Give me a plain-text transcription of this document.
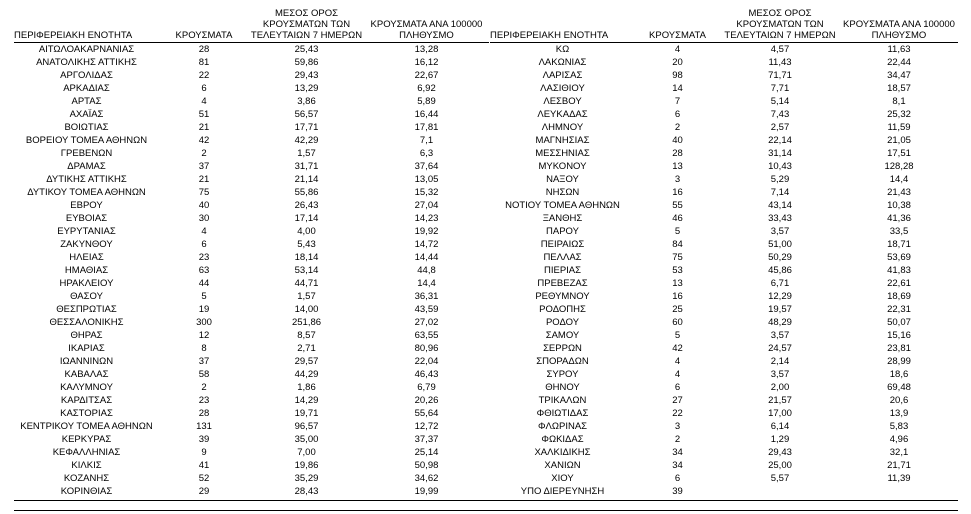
ΠΕΡΙΦΕΡΕΙΑΚΗ ΕΝΟΤΗΤΑ	ΚΡΟΥΣΜΑΤΑ	ΜΕΣΟΣ ΟΡΟΣ
ΚΡΟΥΣΜΑΤΩΝ ΤΩΝ
ΤΕΛΕΥΤΑΙΩΝ 7 ΗΜΕΡΩΝ	ΚΡΟΥΣΜΑΤΑ ΑΝΑ 100000
ΠΛΗΘΥΣΜΟ
ΑΙΤΩΛΟΑΚΑΡΝΑΝΙΑΣ	28	25,43	13,28
ΑΝΑΤΟΛΙΚΗΣ ΑΤΤΙΚΗΣ	81	59,86	16,12
ΑΡΓΟΛΙΔΑΣ	22	29,43	22,67
ΑΡΚΑΔΙΑΣ	6	13,29	6,92
ΑΡΤΑΣ	4	3,86	5,89
ΑΧΑΪΑΣ	51	56,57	16,44
ΒΟΙΩΤΙΑΣ	21	17,71	17,81
ΒΟΡΕΙΟΥ ΤΟΜΕΑ ΑΘΗΝΩΝ	42	42,29	7,1
ΓΡΕΒΕΝΩΝ	2	1,57	6,3
ΔΡΑΜΑΣ	37	31,71	37,64
ΔΥΤΙΚΗΣ ΑΤΤΙΚΗΣ	21	21,14	13,05
ΔΥΤΙΚΟΥ ΤΟΜΕΑ ΑΘΗΝΩΝ	75	55,86	15,32
ΕΒΡΟΥ	40	26,43	27,04
ΕΥΒΟΙΑΣ	30	17,14	14,23
ΕΥΡΥΤΑΝΙΑΣ	4	4,00	19,92
ΖΑΚΥΝΘΟΥ	6	5,43	14,72
ΗΛΕΙΑΣ	23	18,14	14,44
ΗΜΑΘΙΑΣ	63	53,14	44,8
ΗΡΑΚΛΕΙΟΥ	44	44,71	14,4
ΘΑΣΟΥ	5	1,57	36,31
ΘΕΣΠΡΩΤΙΑΣ	19	14,00	43,59
ΘΕΣΣΑΛΟΝΙΚΗΣ	300	251,86	27,02
ΘΗΡΑΣ	12	8,57	63,55
ΙΚΑΡΙΑΣ	8	2,71	80,96
ΙΩΑΝΝΙΝΩΝ	37	29,57	22,04
ΚΑΒΑΛΑΣ	58	44,29	46,43
ΚΑΛΥΜΝΟΥ	2	1,86	6,79
ΚΑΡΔΙΤΣΑΣ	23	14,29	20,26
ΚΑΣΤΟΡΙΑΣ	28	19,71	55,64
ΚΕΝΤΡΙΚΟΥ ΤΟΜΕΑ ΑΘΗΝΩΝ	131	96,57	12,72
ΚΕΡΚΥΡΑΣ	39	35,00	37,37
ΚΕΦΑΛΛΗΝΙΑΣ	9	7,00	25,14
ΚΙΛΚΙΣ	41	19,86	50,98
ΚΟΖΑΝΗΣ	52	35,29	34,62
ΚΟΡΙΝΘΙΑΣ	29	28,43	19,99
ΠΕΡΙΦΕΡΕΙΑΚΗ ΕΝΟΤΗΤΑ	ΚΡΟΥΣΜΑΤΑ	ΜΕΣΟΣ ΟΡΟΣ
ΚΡΟΥΣΜΑΤΩΝ ΤΩΝ
ΤΕΛΕΥΤΑΙΩΝ 7 ΗΜΕΡΩΝ	ΚΡΟΥΣΜΑΤΑ ΑΝΑ 100000
ΠΛΗΘΥΣΜΟ
ΚΩ	4	4,57	11,63
ΛΑΚΩΝΙΑΣ	20	11,43	22,44
ΛΑΡΙΣΑΣ	98	71,71	34,47
ΛΑΣΙΘΙΟΥ	14	7,71	18,57
ΛΕΣΒΟΥ	7	5,14	8,1
ΛΕΥΚΑΔΑΣ	6	7,43	25,32
ΛΗΜΝΟΥ	2	2,57	11,59
ΜΑΓΝΗΣΙΑΣ	40	22,14	21,05
ΜΕΣΣΗΝΙΑΣ	28	31,14	17,51
ΜΥΚΟΝΟΥ	13	10,43	128,28
ΝΑΞΟΥ	3	5,29	14,4
ΝΗΣΩΝ	16	7,14	21,43
ΝΟΤΙΟΥ ΤΟΜΕΑ ΑΘΗΝΩΝ	55	43,14	10,38
ΞΑΝΘΗΣ	46	33,43	41,36
ΠΑΡΟΥ	5	3,57	33,5
ΠΕΙΡΑΙΩΣ	84	51,00	18,71
ΠΕΛΛΑΣ	75	50,29	53,69
ΠΙΕΡΙΑΣ	53	45,86	41,83
ΠΡΕΒΕΖΑΣ	13	6,71	22,61
ΡΕΘΥΜΝΟΥ	16	12,29	18,69
ΡΟΔΟΠΗΣ	25	19,57	22,31
ΡΟΔΟΥ	60	48,29	50,07
ΣΑΜΟΥ	5	3,57	15,16
ΣΕΡΡΩΝ	42	24,57	23,81
ΣΠΟΡΑΔΩΝ	4	2,14	28,99
ΣΥΡΟΥ	4	3,57	18,6
ΘΗΝΟΥ	6	2,00	69,48
ΤΡΙΚΑΛΩΝ	27	21,57	20,6
ΦΘΙΩΤΙΔΑΣ	22	17,00	13,9
ΦΛΩΡΙΝΑΣ	3	6,14	5,83
ΦΩΚΙΔΑΣ	2	1,29	4,96
ΧΑΛΚΙΔΙΚΗΣ	34	29,43	32,1
ΧΑΝΙΩΝ	34	25,00	21,71
ΧΙΟΥ	6	5,57	11,39
ΥΠΟ ΔΙΕΡΕΥΝΗΣΗ	39		
